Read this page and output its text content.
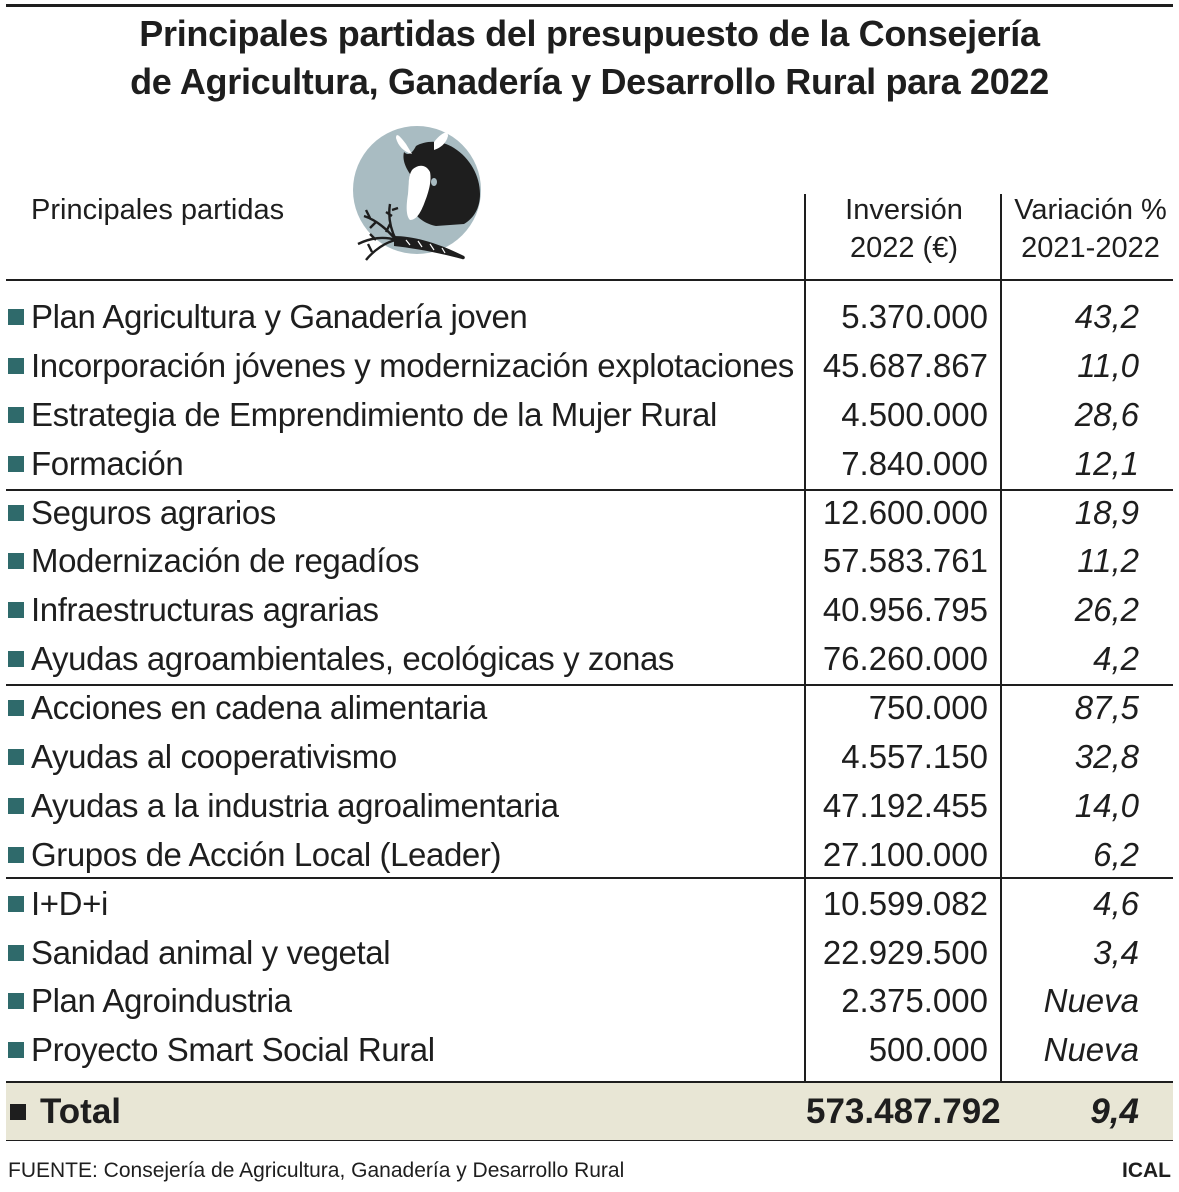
Principales partidas del presupuesto de la Consejería
de Agricultura, Ganadería y Desarrollo Rural para 2022
Principales partidas	Inversión
2022 (€)
Variación %
2021-2022
Plan Agricultura y Ganadería joven	5.370.000	43,2
Incorporación jóvenes y modernización explotaciones 45.687.867	11,0
Estrategia de Emprendimiento de la Mujer Rural	4.500.000	28,6
Formación	7.840.000	12,1
Seguros agrarios	12.600.000	18,9
Modernización de regadíos	57.583.761	11,2
Infraestructuras agrarias	40.956.795	26,2
Ayudas agroambientales, ecológicas y zonas	76.260.000	4,2
Acciones en cadena alimentaria	750.000	87,5
Ayudas al cooperativismo	4.557.150	32,8
Ayudas a la industria agroalimentaria	47.192.455	14,0
Grupos de Acción Local (Leader)	27.100.000	6,2
I+D+i	10.599.082	4,6
Sanidad animal y vegetal	22.929.500	3,4
Plan Agroindustria	2.375.000	Nueva
Proyecto Smart Social Rural	500.000	Nueva
Total	573.487.792	9,4
FUENTE: Consejería de Agricultura, Ganadería y Desarrollo Rural	ICAL
